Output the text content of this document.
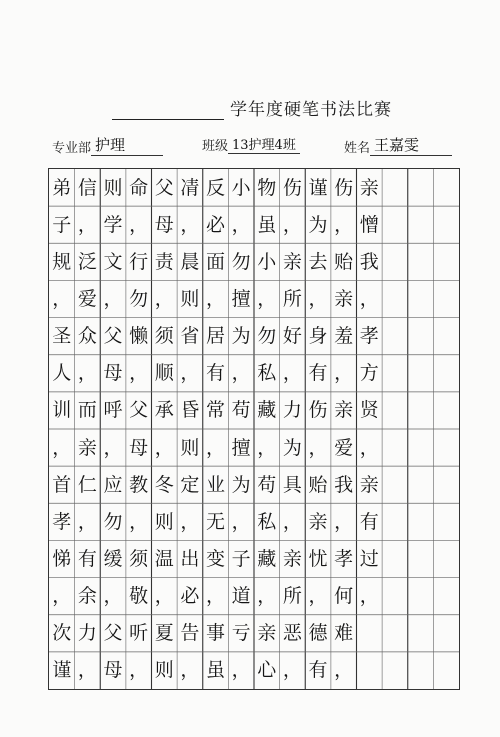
学年度硬笔书法比赛
专业部 护理	班级 13护理4班	姓名 王嘉雯
弟
子
规
，
圣
人
训
，
首
孝
悌
，
次
谨
信
，
泛
爱
众
，
而
亲
仁
，
有
余
力
，
则
学
文
，
父
母
呼
，
应
勿
缓
，
父
母
命
，
行
勿
懒
，
父
母
教
，
须
敬
听
，
父
母
责
，
须
顺
承
，
冬
则
温
，
夏
则
凊
，
晨
则
省
，
昏
则
定
，
出
必
告
，
反
必
面
，
居
有
常
，
业
无
变
，
事
虽
小
，
勿
擅
为
，
苟
擅
为
，
子
道
亏
，
物
虽
小
，
勿
私
藏
，
苟
私
藏
，
亲
心
伤
，
亲
所
好
，
力
为
具
，
亲
所
恶
，
谨
为
去
，
身
有
伤
，
贻
亲
忧
，
德
有
伤
，
贻
亲
羞
，
亲
爱
我
，
孝
何
难
，
亲
憎
我
，
孝
方
贤
，
亲
有
过
，
